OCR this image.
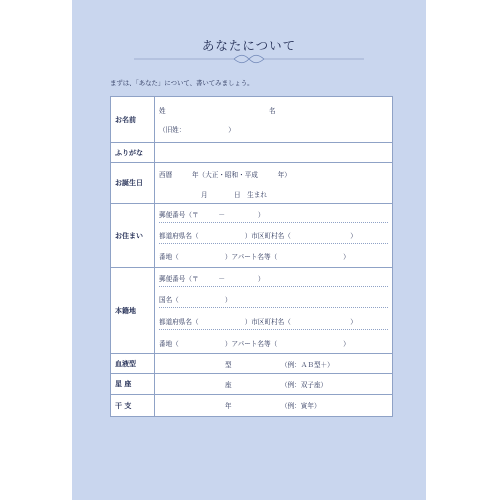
あなたについて
まずは、「あなた」について、書いてみましょう。
お名前	姓 名
（旧姓：　　　　　　　）

ふりがな	
お誕生日	西暦　　　年（大正・昭和・平成　　　年）
月　　　　日　生まれ

お住まい	郵便番号（〒　　　－　　　　　）
都道府県名（　　　　　　　）市区町村名（　　　　　　　　　）
番地（　　　　　　　）アパート名等（　　　　　　　　　　）

本籍地	郵便番号（〒　　　－　　　　　）
国名（　　　　　　　）
都道府県名（　　　　　　　）市区町村名（　　　　　　　　　）
番地（　　　　　　　）アパート名等（　　　　　　　　　　）

血液型	型 （例：ＡＢ型＋）

星 座	座 （例：双子座）

干 支	年 （例：寅年）
